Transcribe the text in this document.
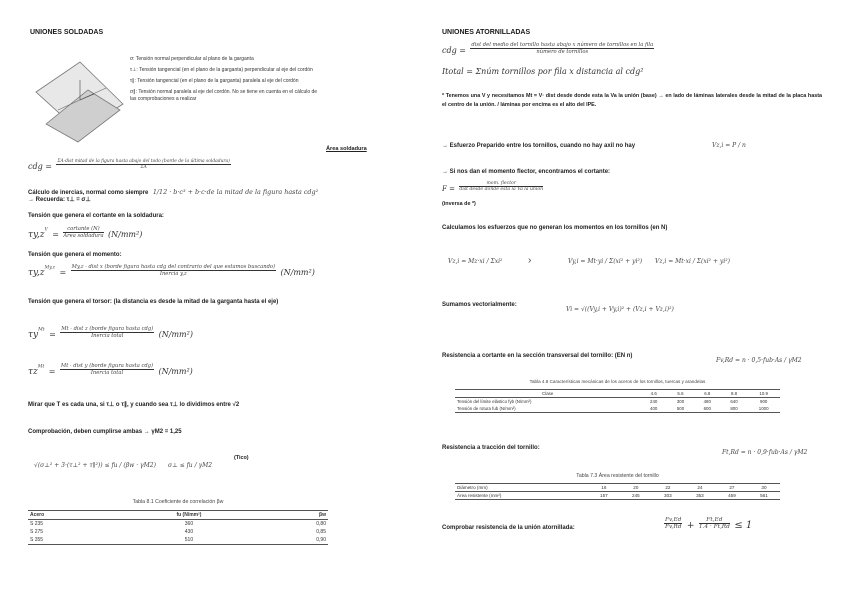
UNIONES SOLDADAS
σ: Tensión normal perpendicular al plano de la garganta
τ⊥: Tensión tangencial (en el plano de la garganta) perpendicular al eje del cordón
τ∥: Tensión tangencial (en el plano de la garganta) paralela al eje del cordón
σ∥: Tensión normal paralela al eje del cordón. No se tiene en cuenta en el cálculo de las comprobaciones a realizar
Área soldadura
cdg =
ΣA·dist mitad de la figura hasta abajo del todo (borde de la última soldadura)
ΣA
Cálculo de inercias, normal como siempre 1/12 · b·c³ + b·c·de la mitad de la figura hasta cdg²
→ Recuerda: τ⊥ = σ⊥
Tensión que genera el cortante en la soldadura:
$\tau y,z^V = \frac{\text{cortante (N)}}{\text{Área soldadura}} (N/mm^2)$
Tensión que genera el momento:
$\tau y,z^{My,z}$ =
My,z · dist x (borde figura hasta cdg del contrario del que estamos buscando)
Inercia y,z	(N/mm²)
Tensión que genera el torsor: (la distancia es desde la mitad de la garganta hasta el eje)
$\tau y^{Mt} = \frac{\text{Mt · dist z (borde figura hasta cdg)}}{\text{Inercia total}} (N/mm^2)$
$\tau z^{Mt} = \frac{\text{Mt · dist y (borde figura hasta cdg)}}{\text{Inercia total}} (N/mm^2)$
Mirar que T es cada una, si τ⊥ o τ∥, y cuando sea τ⊥ lo dividimos entre √2
Comprobación, deben cumplirse ambas → γM2 = 1,25
√(σ⊥² + 3·(τ⊥² + τ∥²)) ≤ fu / (βw · γM2) σ⊥ ≤ fu / γM2
(Tico)
Tabla 8.1 Coeficiente de correlación βw
Acero	fu (N/mm²)	βw
S 235	360	0,80
S 275	430	0,85
S 355	510	0,90
UNIONES ATORNILLADAS
cdg =
dist del medio del tornillo hasta abajo x número de tornillos en la fila
número de tornillos
Itotal = Σnúm tornillos por fila x distancia al cdg²
* Tenemos una V y necesitamos Mt = V· dist desde donde esta la Va la unión (base) → en lado de láminas laterales desde la mitad de la placa hasta el centro de la unión. / láminas por encima es el alto del IPE.
→ Esfuerzo Preparido entre los tornillos, cuando no hay axil no hay	Vz,i = P / n
→ Si nos dan el momento flector, encontramos el cortante:
$F = \frac{\text{mom. flector}}{\text{dist desde donde esta la Va la unión}}$
(inversa de *)
Calculamos los esfuerzos que no generan los momentos en los tornillos (en N)
Vz,i = Mz·xi / Σxi²	›	Vy,i = Mt·yi / Σ(xi² + yi²) Vz,i = Mt·xi / Σ(xi² + yi²)
Sumamos vectorialmente:
Vi = √((Vy,i + Vy,i)² + (Vz,i + Vz,i)²)
Resistencia a cortante en la sección transversal del tornillo: (EN n)
Fv,Rd = n · 0,5·fub·As / γM2
Tabla 4.8 Características mecánicas de los aceros de los tornillos, tuercas y arandelas
Clase	4.6	5.6	6.8	8.8	10.9
Tensión del límite elástico fyb (N/mm²)	240	300	480	640	900
Tensión de rotura fub (N/mm²)	400	500	600	800	1000
Resistencia a tracción del tornillo:
Ft,Rd = n · 0,9·fub·As / γM2
Tabla 7.3 Área resistente del tornillo
Diámetro (mm)	16	20	22	24	27	30
Área resistente (mm²)	157	245	303	353	459	561
Comprobar resistencia de la unión atornillada:	$\frac{Fv,Ed}{Fv,Rd} + \frac{Ft,Ed}{1.4 \cdot Ft,Rd} \le 1$
